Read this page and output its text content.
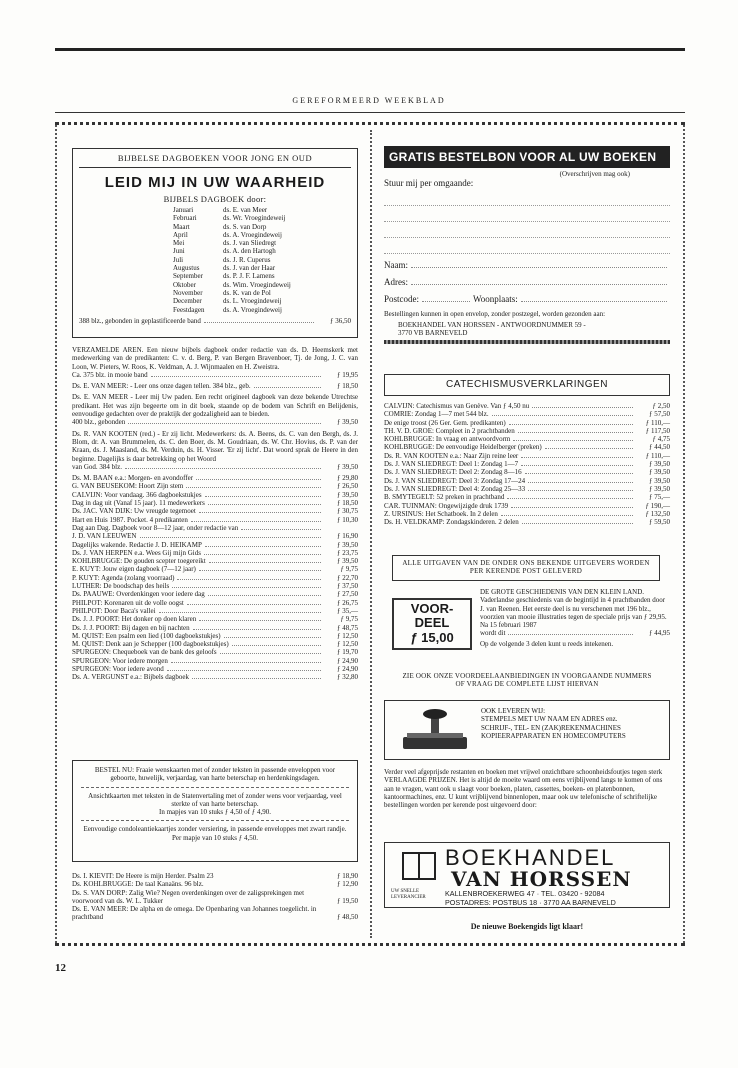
GEREFORMEERD WEEKBLAD
12
BIJBELSE DAGBOEKEN VOOR JONG EN OUD
LEID MIJ IN UW WAARHEID
BIJBELS DAGBOEK door:
Januari	ds. E. van Meer
Februari	ds. Wr. Vroegindeweij
Maart	ds. S. van Dorp
April	ds. A. Vroegindeweij
Mei	ds. J. van Sliedregt
Juni	ds. A. den Hartogh
Juli	ds. J. R. Cuperus
Augustus	ds. J. van der Haar
September	ds. P. J. F. Lamens
Oktober	ds. Wim. Vroegindeweij
November	ds. K. van de Pol
December	ds. L. Vroegindeweij
Feestdagen	ds. A. Vroegindeweij
388 blz., gebonden in geplastificeerde band	ƒ 36,50
VERZAMELDE AREN. Een nieuw bijbels dagboek onder redactie van ds. D. Heemskerk met medewerking van de predikanten: C. v. d. Berg, P. van Bergen Bravenboer, Tj. de Jong, J. C. van Loon, W. Pieters, W. Roos, K. Veldman, A. J. Wijnmaalen en H. Zweistra.
Ca. 375 blz. in mooie band	ƒ 19,95
Ds. E. VAN MEER: - Leer ons onze dagen tellen. 384 blz., geb.	ƒ 18,50
Ds. E. VAN MEER - Leer mij Uw paden. Een recht origineel dagboek van deze bekende Utrechtse predikant. Het was zijn begeerte om in dit boek, staande op de bodem van Schrift en Belijdenis, eenvoudige gedachten over de praktijk der godzaligheid aan te bieden.
400 blz., gebonden	ƒ 39,50
Ds. R. VAN KOOTEN (red.) - Er zij licht. Medewerkers: ds. A. Beens, ds. C. van den Bergh, ds. J. Blom, dr. A. van Brummelen, ds. C. den Boer, ds. M. Goudriaan, ds. W. Chr. Hovius, ds. P. van der Kraan, ds. J. Maasland, ds. M. Verduin, ds. H. Visser. 'Er zij licht'. Dat woord sprak de Heere in den beginne. Dagelijks is daar betrekking op het Woord
van God. 384 blz.	ƒ 39,50
Ds. M. BAAN e.a.: Morgen- en avondoffer	ƒ 29,80
G. VAN BEUSEKOM: Hoort Zijn stem	ƒ 26,50
CALVIJN: Voor vandaag. 366 dagboekstukjes	ƒ 39,50
Dag in dag uit (Vanaf 15 jaar). 11 medewerkers	ƒ 18,50
Ds. JAC. VAN DIJK: Uw vreugde tegemoet	ƒ 30,75
Hart en Huis 1987. Pocket. 4 predikanten	ƒ 10,30
Dag aan Dag. Dagboek voor 8—12 jaar, onder redactie van
J. D. VAN LEEUWEN	ƒ 16,90
Dagelijks wakende. Redactie J. D. HEIKAMP	ƒ 39,50
Ds. J. VAN HERPEN e.a. Wees Gij mijn Gids	ƒ 23,75
KOHLBRUGGE: De gouden scepter toegereikt	ƒ 39,50
E. KUYT: Jouw eigen dagboek (7—12 jaar)	ƒ 9,75
P. KUYT: Agenda (zolang voorraad)	ƒ 22,70
LUTHER: De boodschap des heils	ƒ 37,50
Ds. PAAUWE: Overdenkingen voor iedere dag	ƒ 27,50
PHILPOT: Korenaren uit de volle oogst	ƒ 26,75
PHILPOT: Door Baca's vallei	ƒ 35,—
Ds. J. J. POORT: Het donker op doen klaren	ƒ 9,75
Ds. J. J. POORT: Bij dagen en bij nachten	ƒ 48,75
M. QUIST: Een psalm een lied (100 dagboekstukjes)	ƒ 12,50
M. QUIST: Denk aan je Schepper (100 dagboekstukjes)	ƒ 12,50
SPURGEON: Chequeboek van de bank des geloofs	ƒ 19,70
SPURGEON: Voor iedere morgen	ƒ 24,90
SPURGEON: Voor iedere avond	ƒ 24,90
Ds. A. VERGUNST e.a.: Bijbels dagboek	ƒ 32,80
BESTEL NU: Fraaie wenskaarten met of zonder teksten in passende enveloppen voor geboorte, huwelijk, verjaardag, van harte beterschap en herdenkingsdagen.
Ansichtkaarten met teksten in de Statenvertaling met of zonder wens voor verjaardag, veel sterkte of van harte beterschap.
In mapjes van 10 stuks ƒ 4,50 of ƒ 4,90.
Eenvoudige condoleantiekaartjes zonder versiering, in passende enveloppes met zwart randje. Per mapje van 10 stuks ƒ 4,50.
Ds. I. KIEVIT: De Heere is mijn Herder. Psalm 23	ƒ 18,90
Ds. KOHLBRUGGE: De taal Kanaäns. 96 blz.	ƒ 12,90
Ds. S. VAN DORP: Zalig Wie? Negen overdenkingen over de zaligsprekingen met voorwoord van ds. W. L. Tukker	ƒ 19,50
Ds. E. VAN MEER: De alpha en de omega. De Openbaring van Johannes toegelicht. in prachtband	ƒ 48,50
GRATIS BESTELBON VOOR AL UW BOEKEN
(Overschrijven mag ook)
Stuur mij per omgaande:
Naam:
Adres:
Postcode:	Woonplaats:
Bestellingen kunnen in open envelop, zonder postzegel, worden gezonden aan:
BOEKHANDEL VAN HORSSEN - ANTWOORDNUMMER 59 -
3770 VB BARNEVELD
CATECHISMUSVERKLARINGEN
CALVIJN: Catechismus van Genève. Van ƒ 4,50 nu	ƒ 2,50
COMRIE: Zondag 1—7 met 544 blz.	ƒ 57,50
De enige troost (26 Ger. Gem. predikanten)	ƒ 110,—
TH. V. D. GROE: Compleet in 2 prachtbanden	ƒ 117,50
KOHLBRUGGE: In vraag en antwoordvorm	ƒ 4,75
KOHLBRUGGE: De eenvoudige Heidelberger (preken)	ƒ 44,50
Ds. R. VAN KOOTEN e.a.: Naar Zijn reine leer	ƒ 110,—
Ds. J. VAN SLIEDREGT: Deel 1: Zondag 1—7	ƒ 39,50
Ds. J. VAN SLIEDREGT: Deel 2: Zondag 8—16	ƒ 39,50
Ds. J. VAN SLIEDREGT: Deel 3: Zondag 17—24	ƒ 39,50
Ds. J. VAN SLIEDREGT: Deel 4: Zondag 25—33	ƒ 39,50
B. SMYTEGELT: 52 preken in prachtband	ƒ 75,—
CAR. TUINMAN: Ongewijzigde druk 1739	ƒ 190,—
Z. URSINUS: Het Schatboek. In 2 delen	ƒ 132,50
Ds. H. VELDKAMP: Zondagskinderen. 2 delen	ƒ 59,50
ALLE UITGAVEN VAN DE ONDER ONS BEKENDE UITGEVERS WORDEN PER KERENDE POST GELEVERD
VOOR-
DEEL
ƒ 15,00
DE GROTE GESCHIEDENIS VAN DEN KLEIN LAND. Vaderlandse geschiedenis van de begintijd in 4 prachtbanden door J. van Reenen. Het eerste deel is nu verschenen met 196 blz., voorzien van mooie illustraties tegen de speciale prijs van ƒ 29,95. Na 15 februari 1987
wordt dit	ƒ 44,95
Op de volgende 3 delen kunt u reeds intekenen.
ZIE OOK ONZE VOORDEELAANBIEDINGEN IN VOORGAANDE NUMMERS OF VRAAG DE COMPLETE LIJST HIERVAN
OOK LEVEREN WIJ:
STEMPELS MET UW NAAM EN ADRES enz.
SCHRIJF-, TEL- EN (ZAK)REKENMACHINES
KOPIEERAPPARATEN EN HOMECOMPUTERS
Verder veel afgeprijsde restanten en boeken met vrijwel onzichtbare schoonheidsfoutjes tegen sterk VERLAAGDE PRIJZEN. Het is altijd de moeite waard om eens vrijblijvend langs te komen of ons aan te vragen, want ook u slaagt voor boeken, platen, cassettes, boeken- en platenbonnen, kantoormachines, enz. U kunt vrijblijvend binnenlopen, maar ook uw telefonische of schriftelijke bestellingen worden per kerende post uitgevoerd door:
BOEKHANDEL
VAN HORSSEN
UW SNELLE
LEVERANCIER	KALLENBROEKERWEG 47 · TEL. 03420 - 92084
POSTADRES: POSTBUS 18 · 3770 AA BARNEVELD
De nieuwe Boekengids ligt klaar!
